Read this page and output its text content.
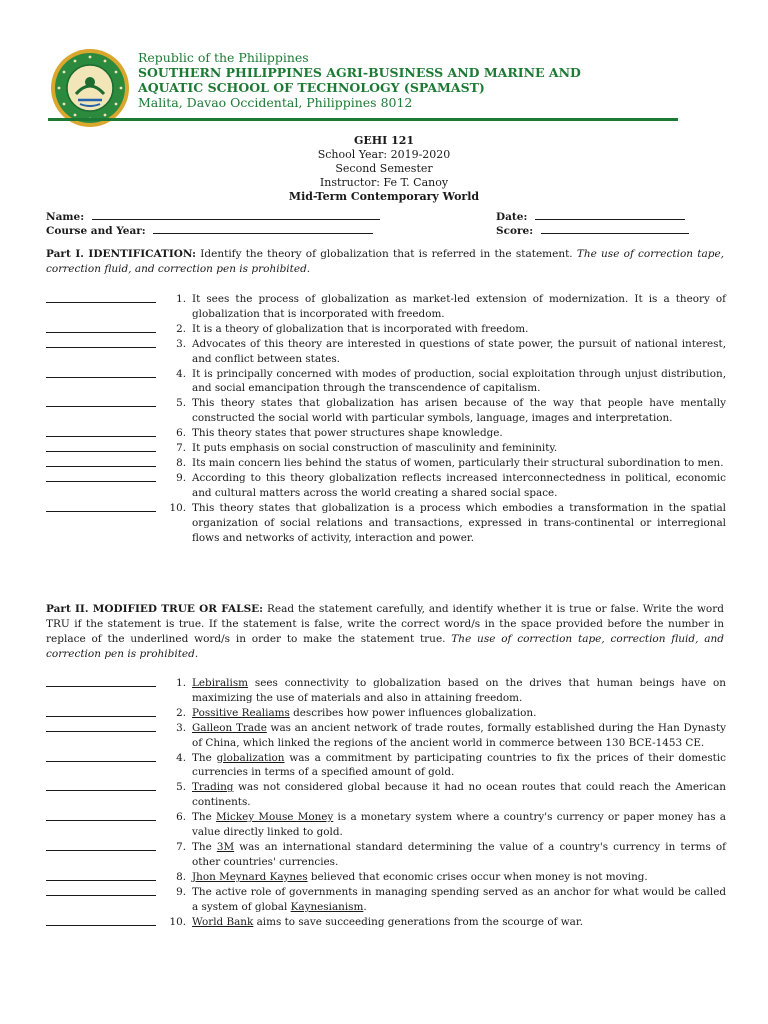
Republic of the Philippines
SOUTHERN PHILIPPINES AGRI-BUSINESS AND MARINE AND
AQUATIC SCHOOL OF TECHNOLOGY (SPAMAST)
Malita, Davao Occidental, Philippines 8012
GEHI 121
School Year: 2019-2020
Second Semester
Instructor: Fe T. Canoy
Mid-Term Contemporary World
Name:
Course and Year:
Date:
Score:
Part I. IDENTIFICATION: Identify the theory of globalization that is referred in the statement. The use of correction tape, correction fluid, and correction pen is prohibited.
1. It sees the process of globalization as market-led extension of modernization. It is a theory of globalization that is incorporated with freedom.
2. It is a theory of globalization that is incorporated with freedom.
3. Advocates of this theory are interested in questions of state power, the pursuit of national interest, and conflict between states.
4. It is principally concerned with modes of production, social exploitation through unjust distribution, and social emancipation through the transcendence of capitalism.
5. This theory states that globalization has arisen because of the way that people have mentally constructed the social world with particular symbols, language, images and interpretation.
6. This theory states that power structures shape knowledge.
7. It puts emphasis on social construction of masculinity and femininity.
8. Its main concern lies behind the status of women, particularly their structural subordination to men.
9. According to this theory globalization reflects increased interconnectedness in political, economic and cultural matters across the world creating a shared social space.
10. This theory states that globalization is a process which embodies a transformation in the spatial organization of social relations and transactions, expressed in trans-continental or interregional flows and networks of activity, interaction and power.
Part II. MODIFIED TRUE OR FALSE: Read the statement carefully, and identify whether it is true or false. Write the word TRU if the statement is true. If the statement is false, write the correct word/s in the space provided before the number in replace of the underlined word/s in order to make the statement true. The use of correction tape, correction fluid, and correction pen is prohibited.
1. Lebiralism sees connectivity to globalization based on the drives that human beings have on maximizing the use of materials and also in attaining freedom.
2. Possitive Realiams describes how power influences globalization.
3. Galleon Trade was an ancient network of trade routes, formally established during the Han Dynasty of China, which linked the regions of the ancient world in commerce between 130 BCE-1453 CE.
4. The globalization was a commitment by participating countries to fix the prices of their domestic currencies in terms of a specified amount of gold.
5. Trading was not considered global because it had no ocean routes that could reach the American continents.
6. The Mickey Mouse Money is a monetary system where a country's currency or paper money has a value directly linked to gold.
7. The 3M was an international standard determining the value of a country's currency in terms of other countries' currencies.
8. Jhon Meynard Kaynes believed that economic crises occur when money is not moving.
9. The active role of governments in managing spending served as an anchor for what would be called a system of global Kaynesianism.
10. World Bank aims to save succeeding generations from the scourge of war.
